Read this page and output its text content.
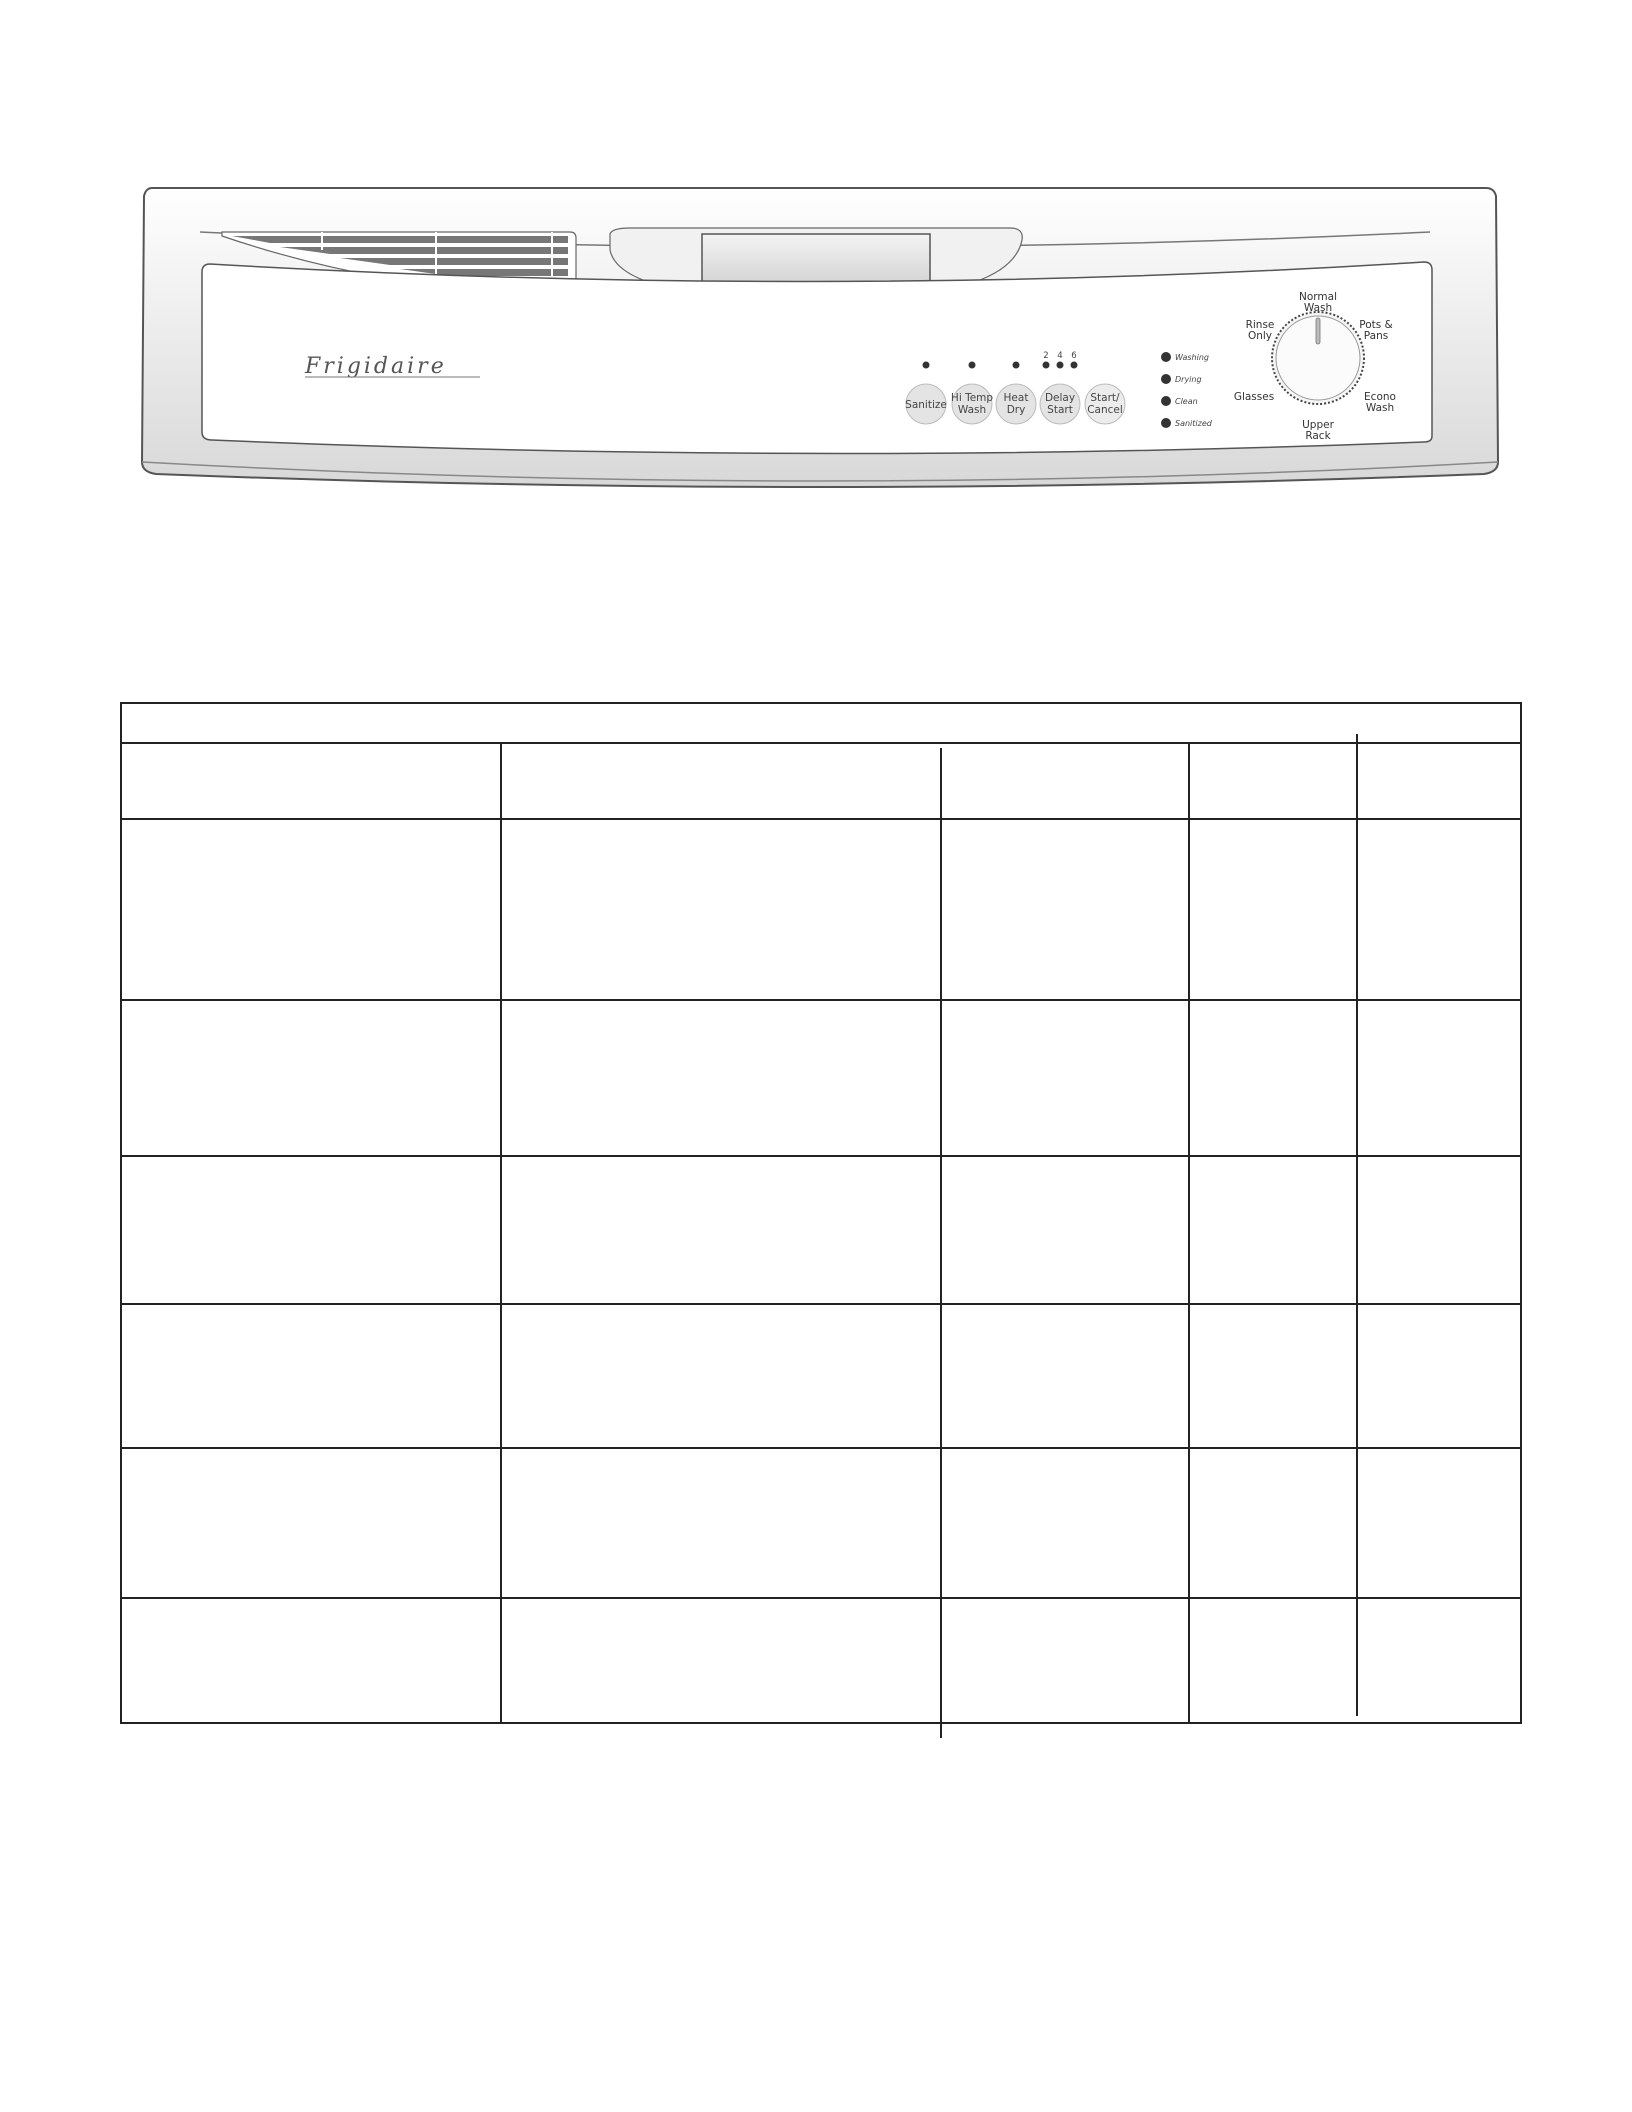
Frigidaire	2 4 6
Sanitize
Hi Temp
Wash
Heat
Dry
Delay
Start
Start/
Cancel
Washing
Drying
Clean
Sanitized
Normal
Wash
Rinse
Only
Pots &
Pans
Glasses	Econo
Wash
Upper
Rack
